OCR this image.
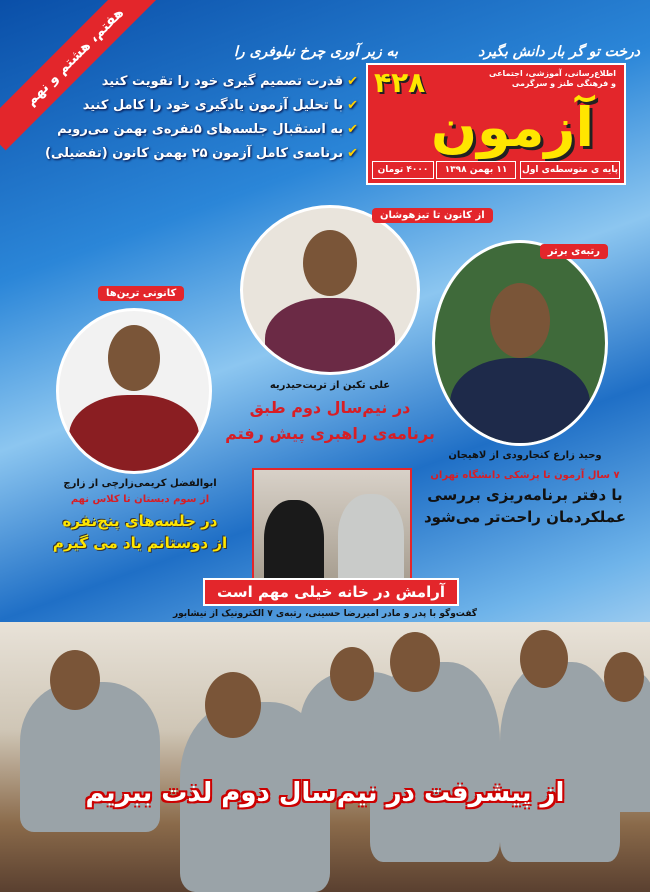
هفتم، هشتم و نهم	درخت تو گر بار دانش بگیرد
به زیر آوری چرخ نیلوفری را
اطلاع‌رسانی، آموزشی، اجتماعی و فرهنگی طنز و سرگرمی
۴۲۸
آزمون
پایه ی متوسطه‌ی اول
۱۱ بهمن ۱۳۹۸
۴۰۰۰ تومان
✔قدرت تصمیم گیری خود را تقویت کنید
✔با تحلیل آزمون یادگیری خود را کامل کنید
✔به استقبال جلسه‌های ۵نفره‌ی بهمن می‌رویم
✔برنامه‌ی کامل آزمون ۲۵ بهمن کانون (تفضیلی)
رتبه‌ی برتر
وحید زارع کنجارودی از لاهیجان
۷ سال آزمون تا پزشکی دانشگاه تهران
با دفتر برنامه‌ریزی بررسی
عملکردمان راحت‌تر می‌شود
از کانون تا تیزهوشان
علی تکین از تربت‌حیدریه
در نیم‌سال دوم طبق
برنامه‌ی راهبری پیش رفتم
کانونی ترین‌ها
ابوالفضل کریمی‌زارچی از زارچ
از سوم دبستان تا کلاس نهم
در جلسه‌های پنج‌نفره
از دوستانم یاد می گیرم
آرامش در خانه خیلی مهم است
گفت‌وگو با پدر و مادر امیررضا حسینی، رتبه‌ی ۷ الکترونیک از نیشابور
از پیشرفت در نیم‌سال دوم لذت ببریم
